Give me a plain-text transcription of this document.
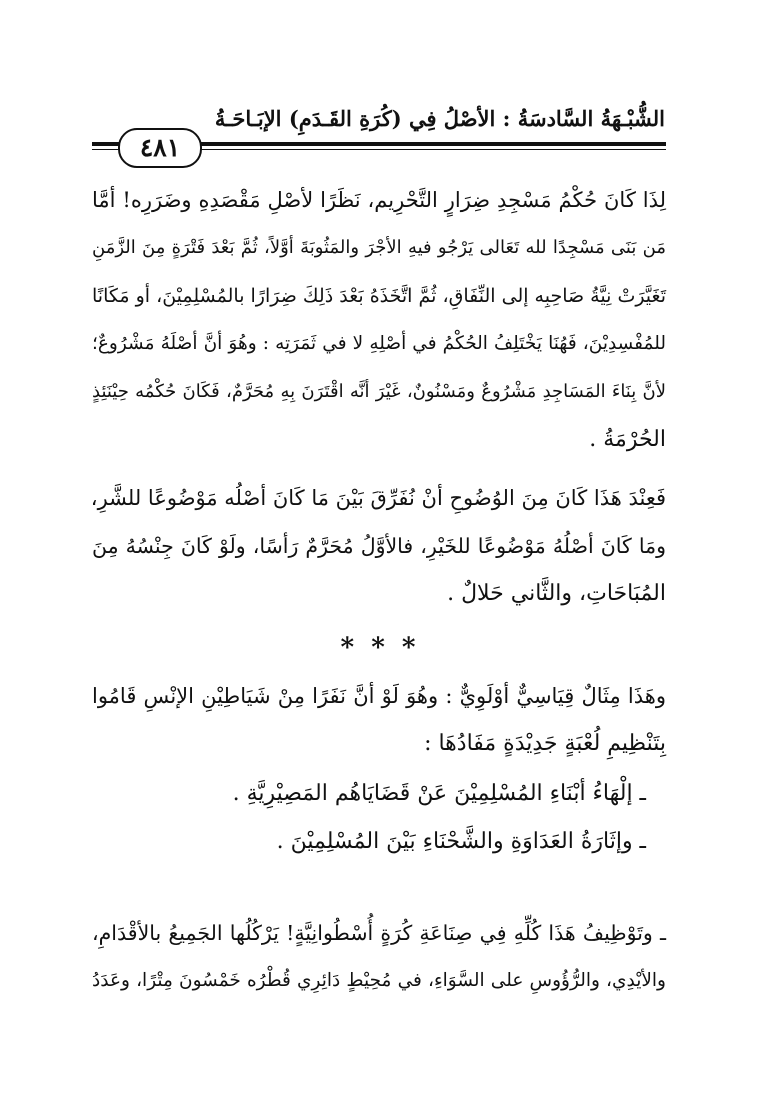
الشُّبْـهَةُ السَّادسَةُ : الأصْلُ فِي (كُرَةِ القَـدَمِ) الإبَـاحَـةُ
٤٨١
لِذَا كَانَ حُكْمُ مَسْجِدِ ضِرَارٍ التَّحْرِيم، نَظَرًا لأصْلِ مَقْصَدِهِ وضَرَرِه! أمَّا
مَن بَنَى مَسْجِدًا لله تَعَالى يَرْجُو فيهِ الأجْرَ والمَثُوبَةَ أوَّلاً، ثُمَّ بَعْدَ فَتْرَةٍ مِنَ الزَّمَنِ
تَغَيَّرَتْ نِيَّةُ صَاحِبِه إلى النِّفَاقِ، ثُمَّ اتَّخَذَهُ بَعْدَ ذَلِكَ ضِرَارًا بالمُسْلِمِيْنَ، أو مَكَانًا
للمُفْسِدِيْنَ، فَهُنَا يَخْتَلِفُ الحُكْمُ في أصْلِهِ لا في ثَمَرَتِه : وهُوَ أنَّ أصْلَهُ مَشْرُوعٌ؛
لأنَّ بِنَاءَ المَسَاجِدِ مَشْرُوعٌ ومَسْنُونٌ، غَيْرَ أنَّه اقْتَرَنَ بِهِ مُحَرَّمٌ، فَكَانَ حُكْمُه حِيْنَئِذٍ
الحُرْمَةُ .
فَعِنْدَ هَذَا كَانَ مِنَ الوُضُوحِ أنْ نُفَرِّقَ بَيْنَ مَا كَانَ أصْلُه مَوْضُوعًا للشَّرِ،
ومَا كَانَ أصْلُهُ مَوْضُوعًا للخَيْرِ، فالأوَّلُ مُحَرَّمٌ رَأسًا، ولَوْ كَانَ جِنْسُهُ مِنَ
المُبَاحَاتِ، والثَّاني حَلالٌ .
* * *
وهَذَا مِثَالٌ قِيَاسِيٌّ أوْلَوِيٌّ : وهُوَ لَوْ أنَّ نَفَرًا مِنْ شَيَاطِيْنِ الإنْسِ قَامُوا
بِتَنْظِيمِ لُعْبَةٍ جَدِيْدَةٍ مَفَادُهَا :
ـ إلْهَاءُ أبْنَاءِ المُسْلِمِيْنَ عَنْ قَضَايَاهُم المَصِيْرِيَّةِ .
ـ وإثَارَةُ العَدَاوَةِ والشَّحْنَاءِ بَيْنَ المُسْلِمِيْنَ .
ـ وتَوْظِيفُ هَذَا كُلِّهِ فِي صِنَاعَةِ كُرَةٍ أُسْطُوانِيَّةٍ! يَرْكُلُها الجَمِيعُ بالأقْدَامِ،
والأيْدِي، والرُّؤُوسِ على السَّوَاءِ، في مُحِيْطٍ دَائِرِي قُطْرُه خَمْسُونَ مِتْرًا، وعَدَدُ
